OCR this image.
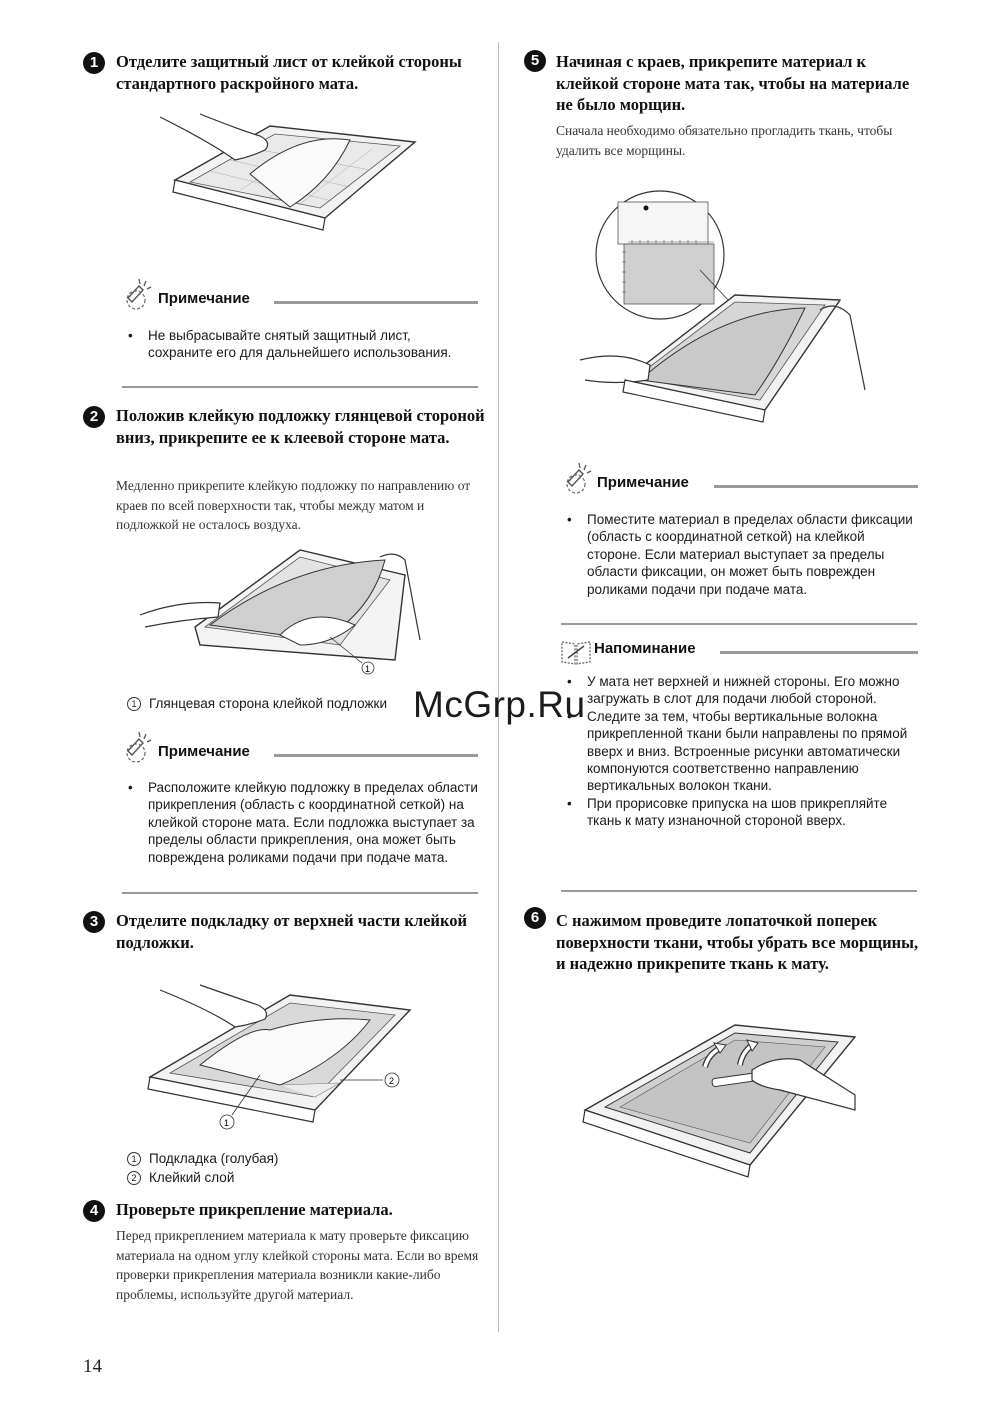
1	Отделите защитный лист от клейкой стороны стандартного раскройного мата.
Примечание
• Не выбрасывайте снятый защитный лист, сохраните его для дальнейшего использования.
2	Положив клейкую подложку глянцевой стороной вниз, прикрепите ее к клеевой стороне мата.
Медленно прикрепите клейкую подложку по направлению от краев по всей поверхности так, чтобы между матом и подложкой не осталось воздуха.
1
1 Глянцевая сторона клейкой подложки
Примечание
• Расположите клейкую подложку в пределах области прикрепления (область с координатной сеткой) на клейкой стороне мата. Если подложка выступает за пределы области прикрепления, она может быть повреждена роликами подачи при подаче мата.
3	Отделите подкладку от верхней части клейкой подложки.
2
1
1 Подкладка (голубая)
2 Клейкий слой
4	Проверьте прикрепление материала.
Перед прикреплением материала к мату проверьте фиксацию материала на одном углу клейкой стороны мата. Если во время проверки прикрепления материала возникли какие-либо проблемы, используйте другой материал.
5	Начиная с краев, прикрепите материал к клейкой стороне мата так, чтобы на материале не было морщин.
Сначала необходимо обязательно прогладить ткань, чтобы удалить все морщины.
Примечание
• Поместите материал в пределах области фиксации (область с координатной сеткой) на клейкой стороне. Если материал выступает за пределы области фиксации, он может быть поврежден роликами подачи при подаче мата.
Напоминание
• У мата нет верхней и нижней стороны. Его можно загружать в слот для подачи любой стороной.
• Следите за тем, чтобы вертикальные волокна прикрепленной ткани были направлены по прямой вверх и вниз. Встроенные рисунки автоматически компонуются соответственно направлению вертикальных волокон ткани.
• При прорисовке припуска на шов прикрепляйте ткань к мату изнаночной стороной вверх.
6	С нажимом проведите лопаточкой поперек поверхности ткани, чтобы убрать все морщины, и надежно прикрепите ткань к мату.
McGrp.Ru
14
